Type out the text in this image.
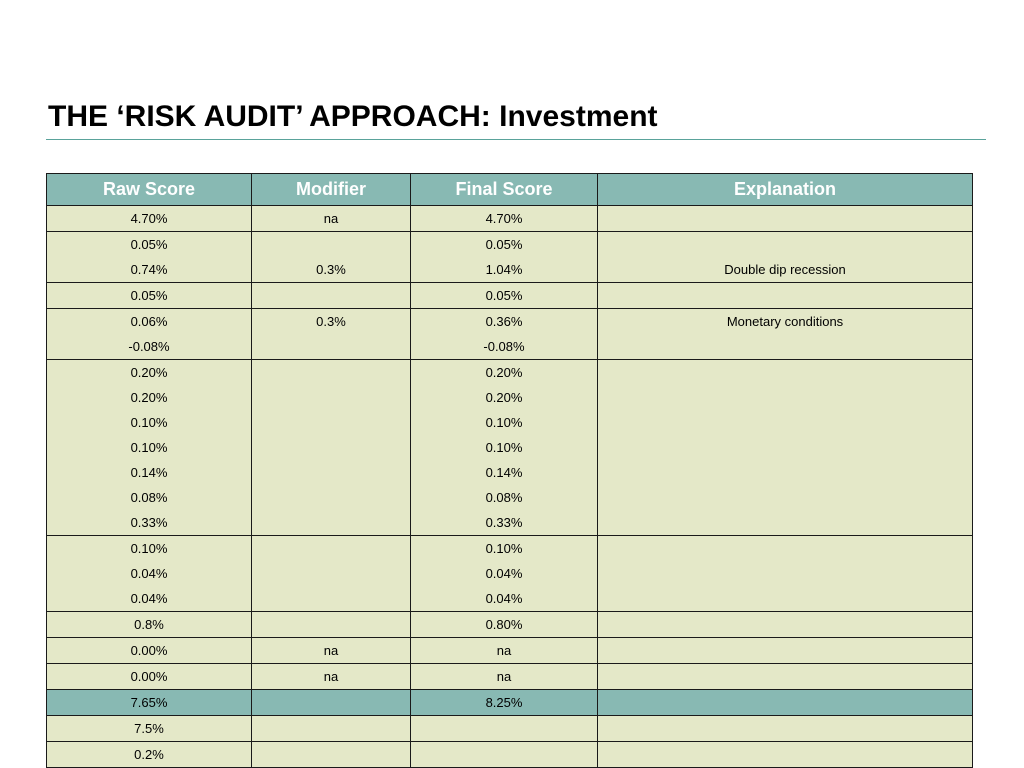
THE ‘RISK AUDIT’ APPROACH: Investment
Raw Score	Modifier	Final Score	Explanation
4.70%	na	4.70%	
0.05%		0.05%	
0.74%	0.3%	1.04%	Double dip recession
0.05%		0.05%	
0.06%	0.3%	0.36%	Monetary conditions
-0.08%		-0.08%	
0.20%		0.20%	
0.20%		0.20%	
0.10%		0.10%	
0.10%		0.10%	
0.14%		0.14%	
0.08%		0.08%	
0.33%		0.33%	
0.10%		0.10%	
0.04%		0.04%	
0.04%		0.04%	
0.8%		0.80%	
0.00%	na	na	
0.00%	na	na	
7.65%		8.25%	
7.5%			
0.2%			
